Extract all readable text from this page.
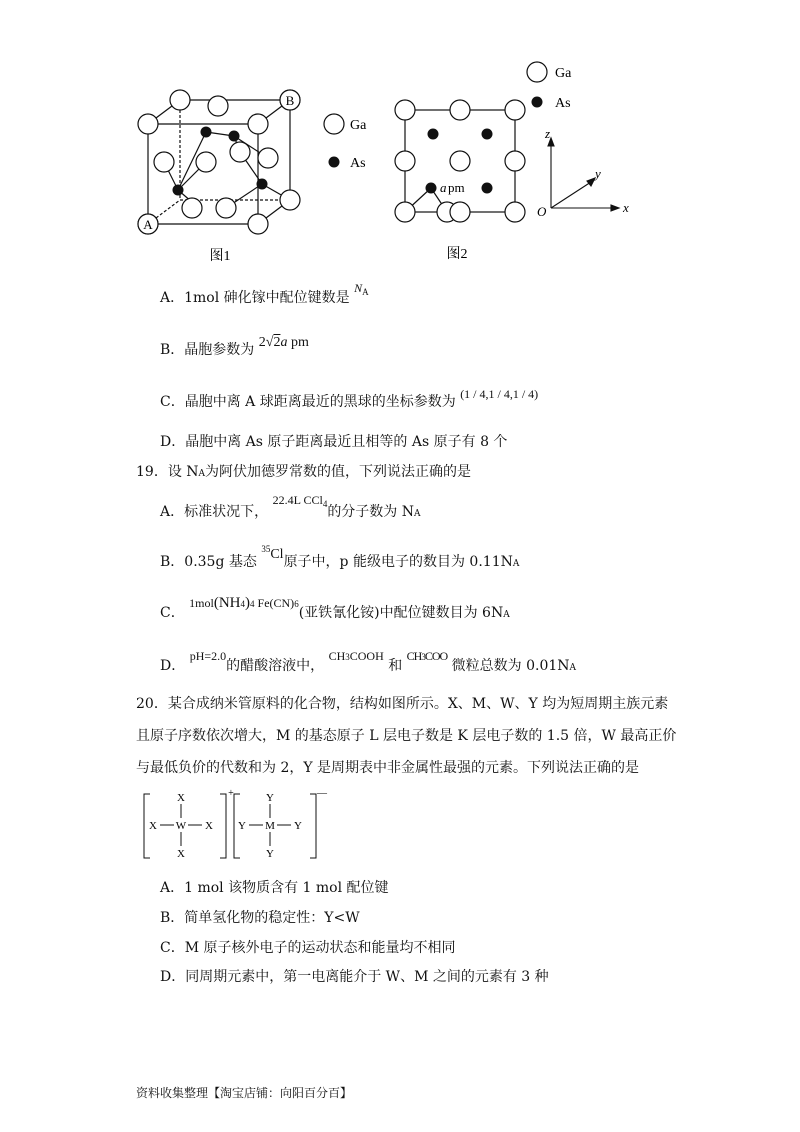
B
A
Ga
As
图1
a pm
Ga
As
z
y
x
O
图2
A．1mol 砷化镓中配位键数是 $N^A$
B．晶胞参数为 2√2a pm
C．晶胞中离 A 球距离最近的黑球的坐标参数为 (1 / 4,1 / 4,1 / 4)
D．晶胞中离 As 原子距离最近且相等的 As 原子有 8 个
19．设 NA为阿伏加德罗常数的值，下列说法正确的是
A．标准状况下， 22.4L CCl$_4$的分子数为 NA
B．0.35g 基态 $^{35}$Cl原子中，p 能级电子的数目为 0.11NA
C． 1mol(NH4)4 Fe(CN)6(亚铁氰化铵)中配位键数目为 6NA
D． pH=2.0的醋酸溶液中， CH3COOH 和 CH3COO 微粒总数为 0.01NA
20．某合成纳米管原料的化合物，结构如图所示。X、M、W、Y 均为短周期主族元素
且原子序数依次增大，M 的基态原子 L 层电子数是 K 层电子数的 1.5 倍，W 最高正价
与最低负价的代数和为 2，Y 是周期表中非金属性最强的元素。下列说法正确的是
X
W
X
X	X
+	Y
M
Y
Y	Y
—
A．1 mol 该物质含有 1 mol 配位键
B．简单氢化物的稳定性：Y<W
C．M 原子核外电子的运动状态和能量均不相同
D．同周期元素中，第一电离能介于 W、M 之间的元素有 3 种
资料收集整理【淘宝店铺：向阳百分百】
